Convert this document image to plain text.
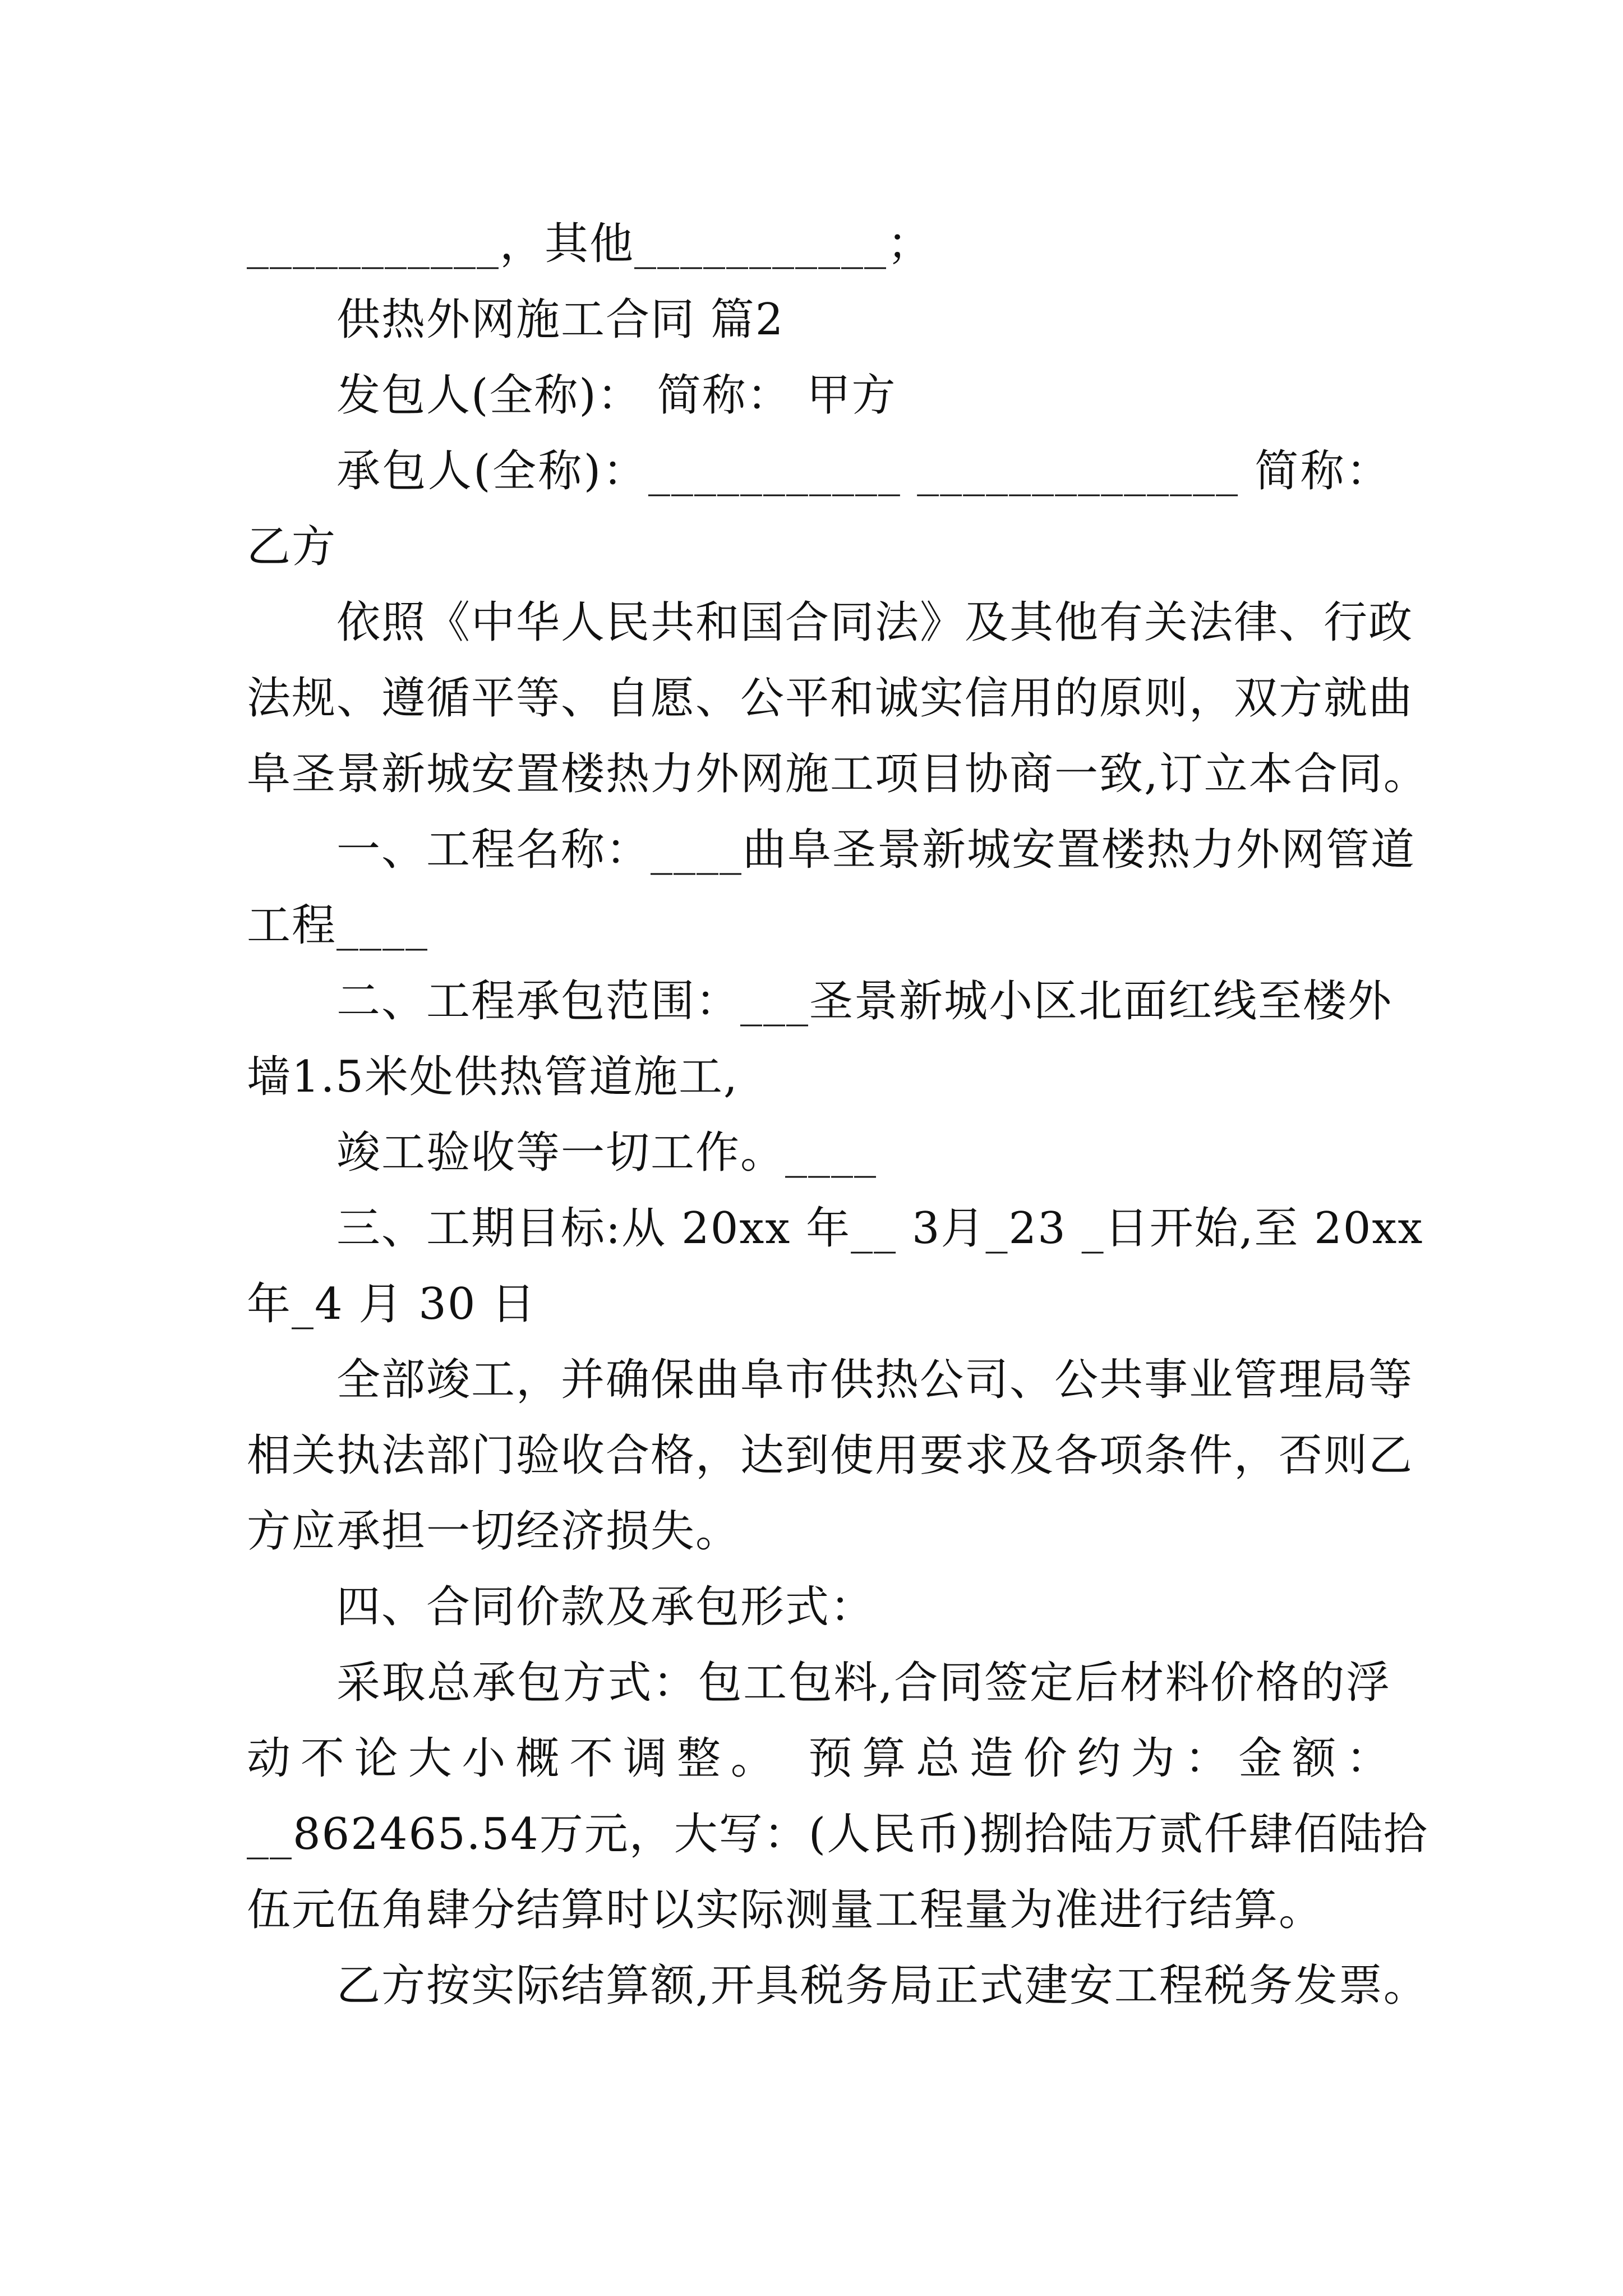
___________，其他___________；
供热外网施工合同 篇2
发包人(全称)： 简称： 甲方
承包人(全称)：___________ ______________ 简称：
乙方
依照《中华人民共和国合同法》及其他有关法律、行政
法规、遵循平等、自愿、公平和诚实信用的原则，双方就曲
阜圣景新城安置楼热力外网施工项目协商一致,订立本合同。
一、工程名称：____曲阜圣景新城安置楼热力外网管道
工程____
二、工程承包范围：___圣景新城小区北面红线至楼外
墙1.5米处供热管道施工,
竣工验收等一切工作。____
三、工期目标:从 20xx 年__ 3月_23 _日开始,至 20xx
年_4 月 30 日
全部竣工，并确保曲阜市供热公司、公共事业管理局等
相关执法部门验收合格，达到使用要求及各项条件，否则乙
方应承担一切经济损失。
四、合同价款及承包形式：
采取总承包方式：包工包料,合同签定后材料价格的浮
动不论大小概不调整。 预算总造价约为：金额：
__862465.54万元，大写：(人民币)捌拾陆万贰仟肆佰陆拾
伍元伍角肆分结算时以实际测量工程量为准进行结算。
乙方按实际结算额,开具税务局正式建安工程税务发票。
